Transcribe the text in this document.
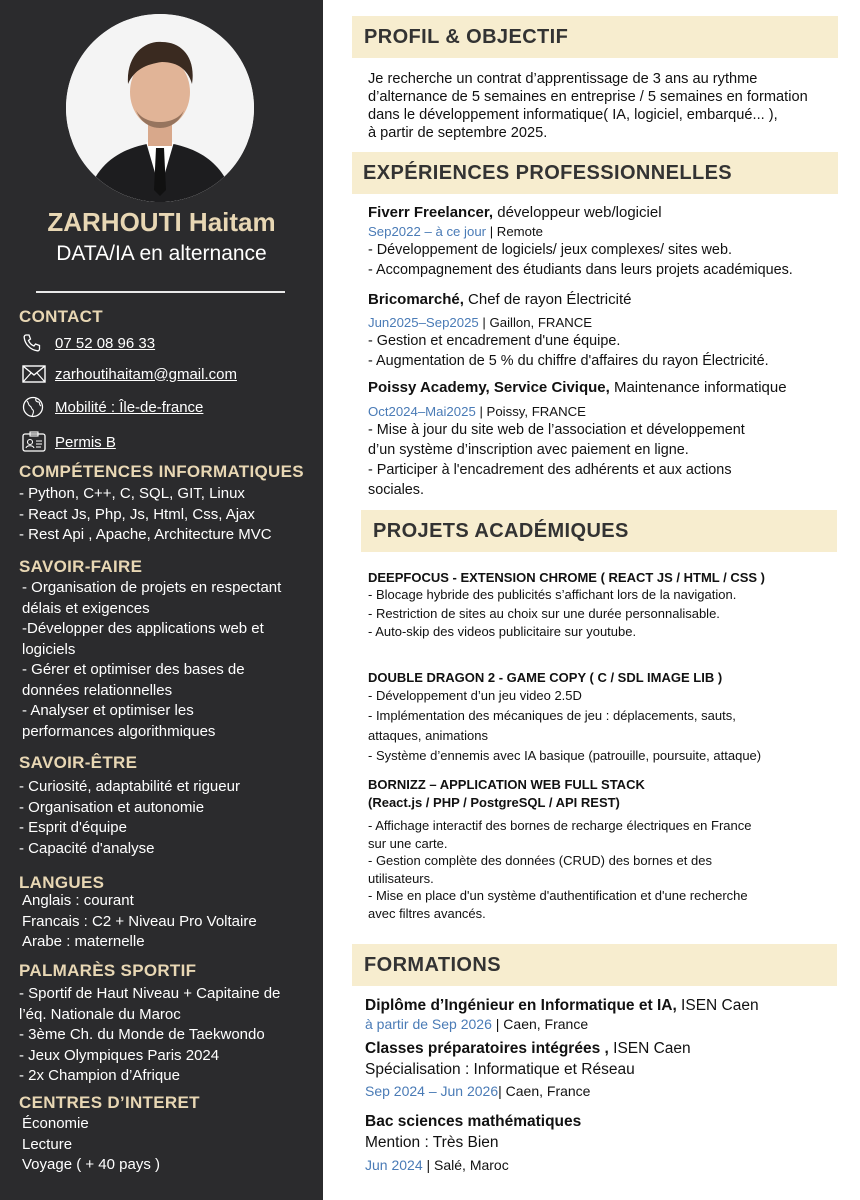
ZARHOUTI Haitam
DATA/IA en alternance
CONTACT
07 52 08 96 33
zarhoutihaitam@gmail.com
Mobilité : Île-de-france
Permis B
COMPÉTENCES INFORMATIQUES
- Python, C++, C, SQL, GIT, Linux
- React Js, Php, Js, Html, Css, Ajax
- Rest Api , Apache, Architecture MVC
SAVOIR-FAIRE
- Organisation de projets en respectant
délais et exigences
-Développer des applications web et
logiciels
- Gérer et optimiser des bases de
données relationnelles
- Analyser et optimiser les
performances algorithmiques
SAVOIR-ÊTRE
- Curiosité, adaptabilité et rigueur
- Organisation et autonomie
- Esprit d'équipe
- Capacité d'analyse
LANGUES
Anglais : courant
Francais : C2 + Niveau Pro Voltaire
Arabe : maternelle
PALMARÈS SPORTIF
- Sportif de Haut Niveau + Capitaine de
l’éq. Nationale du Maroc
- 3ème Ch. du Monde de Taekwondo
- Jeux Olympiques Paris 2024
- 2x Champion d’Afrique
CENTRES D’INTERET
Économie
Lecture
Voyage ( + 40 pays )
PROFIL & OBJECTIF
Je recherche un contrat d’apprentissage de 3 ans au rythme
d’alternance de 5 semaines en entreprise / 5 semaines en formation
dans le développement informatique( IA, logiciel, embarqué... ),
à partir de septembre 2025.
EXPÉRIENCES PROFESSIONNELLES
Fiverr Freelancer, développeur web/logiciel
Sep2022 – à ce jour | Remote
- Développement de logiciels/ jeux complexes/ sites web.
- Accompagnement des étudiants dans leurs projets académiques.
Bricomarché, Chef de rayon Électricité
Jun2025–Sep2025 | Gaillon, FRANCE
- Gestion et encadrement d'une équipe.
- Augmentation de 5 % du chiffre d'affaires du rayon Électricité.
Poissy Academy, Service Civique, Maintenance informatique
Oct2024–Mai2025 | Poissy, FRANCE
- Mise à jour du site web de l’association et développement
d’un système d’inscription avec paiement en ligne.
- Participer à l'encadrement des adhérents et aux actions
sociales.
PROJETS ACADÉMIQUES
DEEPFOCUS - EXTENSION CHROME ( REACT JS / HTML / CSS )
- Blocage hybride des publicités s’affichant lors de la navigation.
- Restriction de sites au choix sur une durée personnalisable.
- Auto-skip des videos publicitaire sur youtube.
DOUBLE DRAGON 2 - GAME COPY ( C / SDL IMAGE LIB )
- Développement d’un jeu video 2.5D
- Implémentation des mécaniques de jeu : déplacements, sauts,
attaques, animations
- Système d’ennemis avec IA basique (patrouille, poursuite, attaque)
BORNIZZ – APPLICATION WEB FULL STACK
(React.js / PHP / PostgreSQL / API REST)
- Affichage interactif des bornes de recharge électriques en France
sur une carte.
- Gestion complète des données (CRUD) des bornes et des
utilisateurs.
- Mise en place d'un système d'authentification et d'une recherche
avec filtres avancés.
FORMATIONS
Diplôme d’Ingénieur en Informatique et IA, ISEN Caen
à partir de Sep 2026 | Caen, France
Classes préparatoires intégrées , ISEN Caen
Spécialisation : Informatique et Réseau
Sep 2024 – Jun 2026| Caen, France
Bac sciences mathématiques
Mention : Très Bien
Jun 2024 | Salé, Maroc
